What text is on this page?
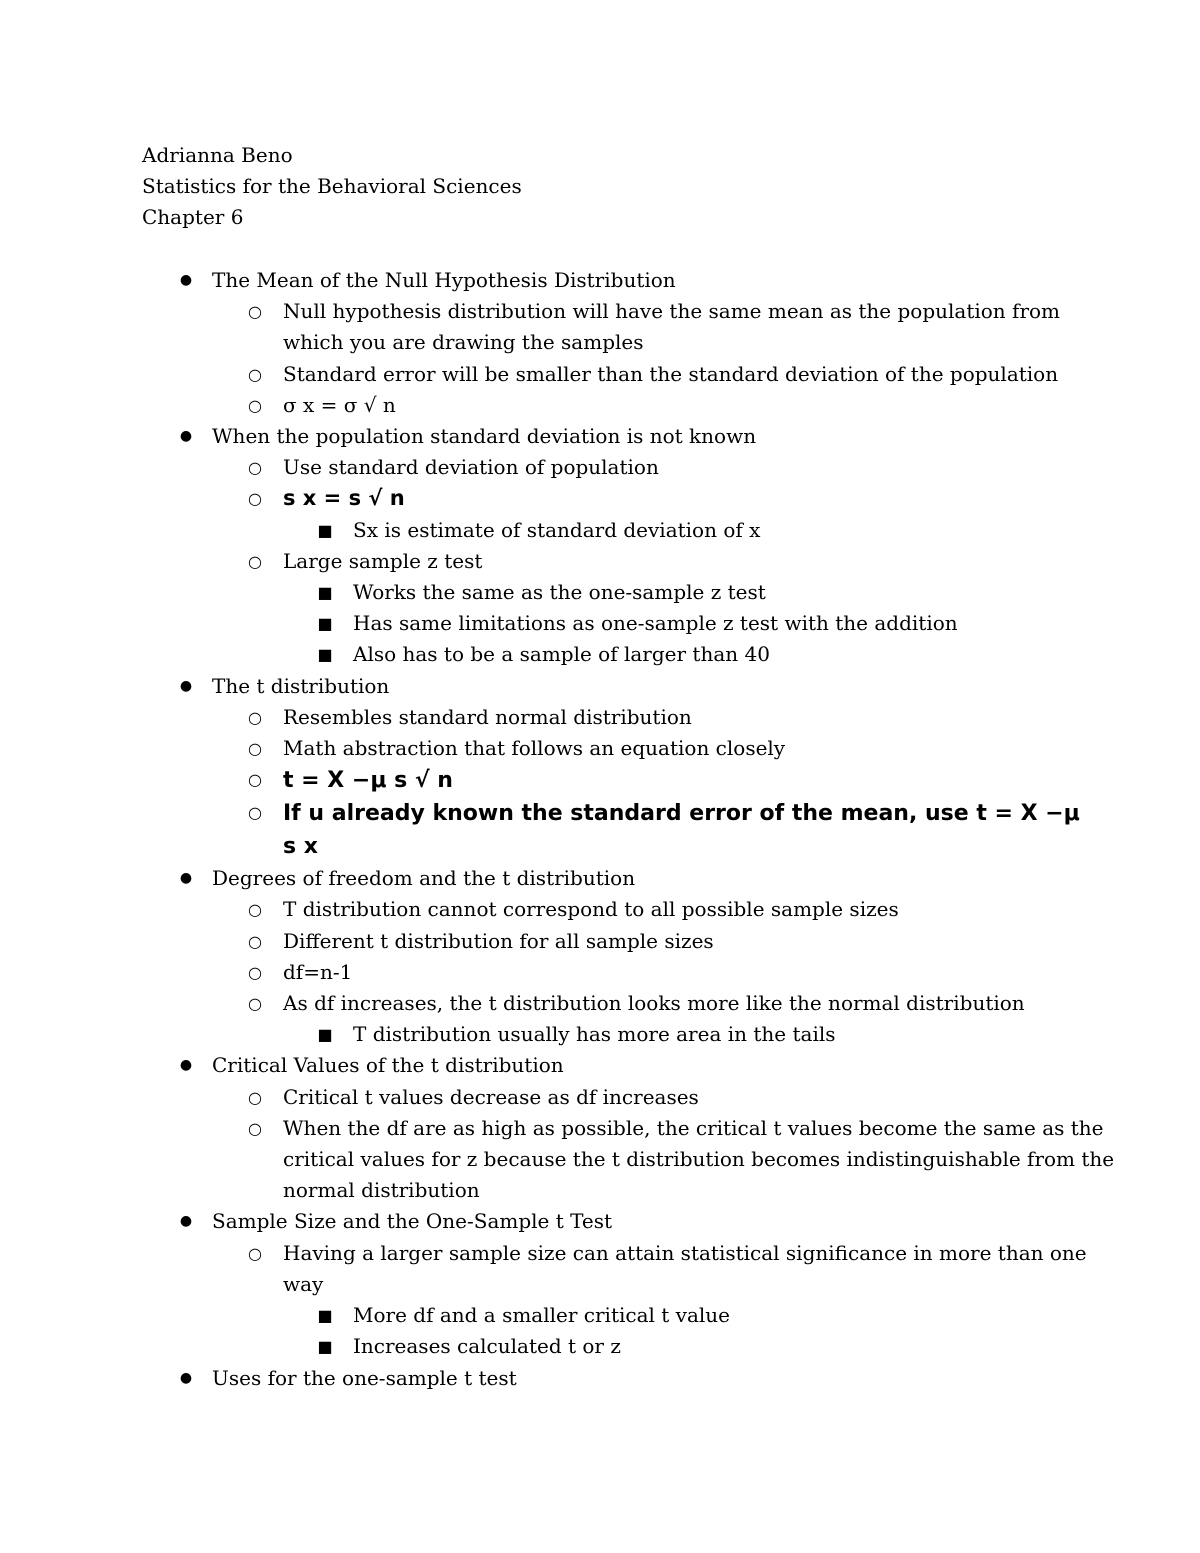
Adrianna Beno
Statistics for the Behavioral Sciences
Chapter 6
● The Mean of the Null Hypothesis Distribution
○ Null hypothesis distribution will have the same mean as the population from
which you are drawing the samples
○ Standard error will be smaller than the standard deviation of the population
○ σ x = σ √ n
● When the population standard deviation is not known
○ Use standard deviation of population
○ s x = s √ n
■ Sx is estimate of standard deviation of x
○ Large sample z test
■ Works the same as the one-sample z test
■ Has same limitations as one-sample z test with the addition
■ Also has to be a sample of larger than 40
● The t distribution
○ Resembles standard normal distribution
○ Math abstraction that follows an equation closely
○ t = X −μ s √ n
○ If u already known the standard error of the mean, use t = X −μ
s x
● Degrees of freedom and the t distribution
○ T distribution cannot correspond to all possible sample sizes
○ Different t distribution for all sample sizes
○ df=n-1
○ As df increases, the t distribution looks more like the normal distribution
■ T distribution usually has more area in the tails
● Critical Values of the t distribution
○ Critical t values decrease as df increases
○ When the df are as high as possible, the critical t values become the same as the
critical values for z because the t distribution becomes indistinguishable from the
normal distribution
● Sample Size and the One-Sample t Test
○ Having a larger sample size can attain statistical significance in more than one
way
■ More df and a smaller critical t value
■ Increases calculated t or z
● Uses for the one-sample t test
